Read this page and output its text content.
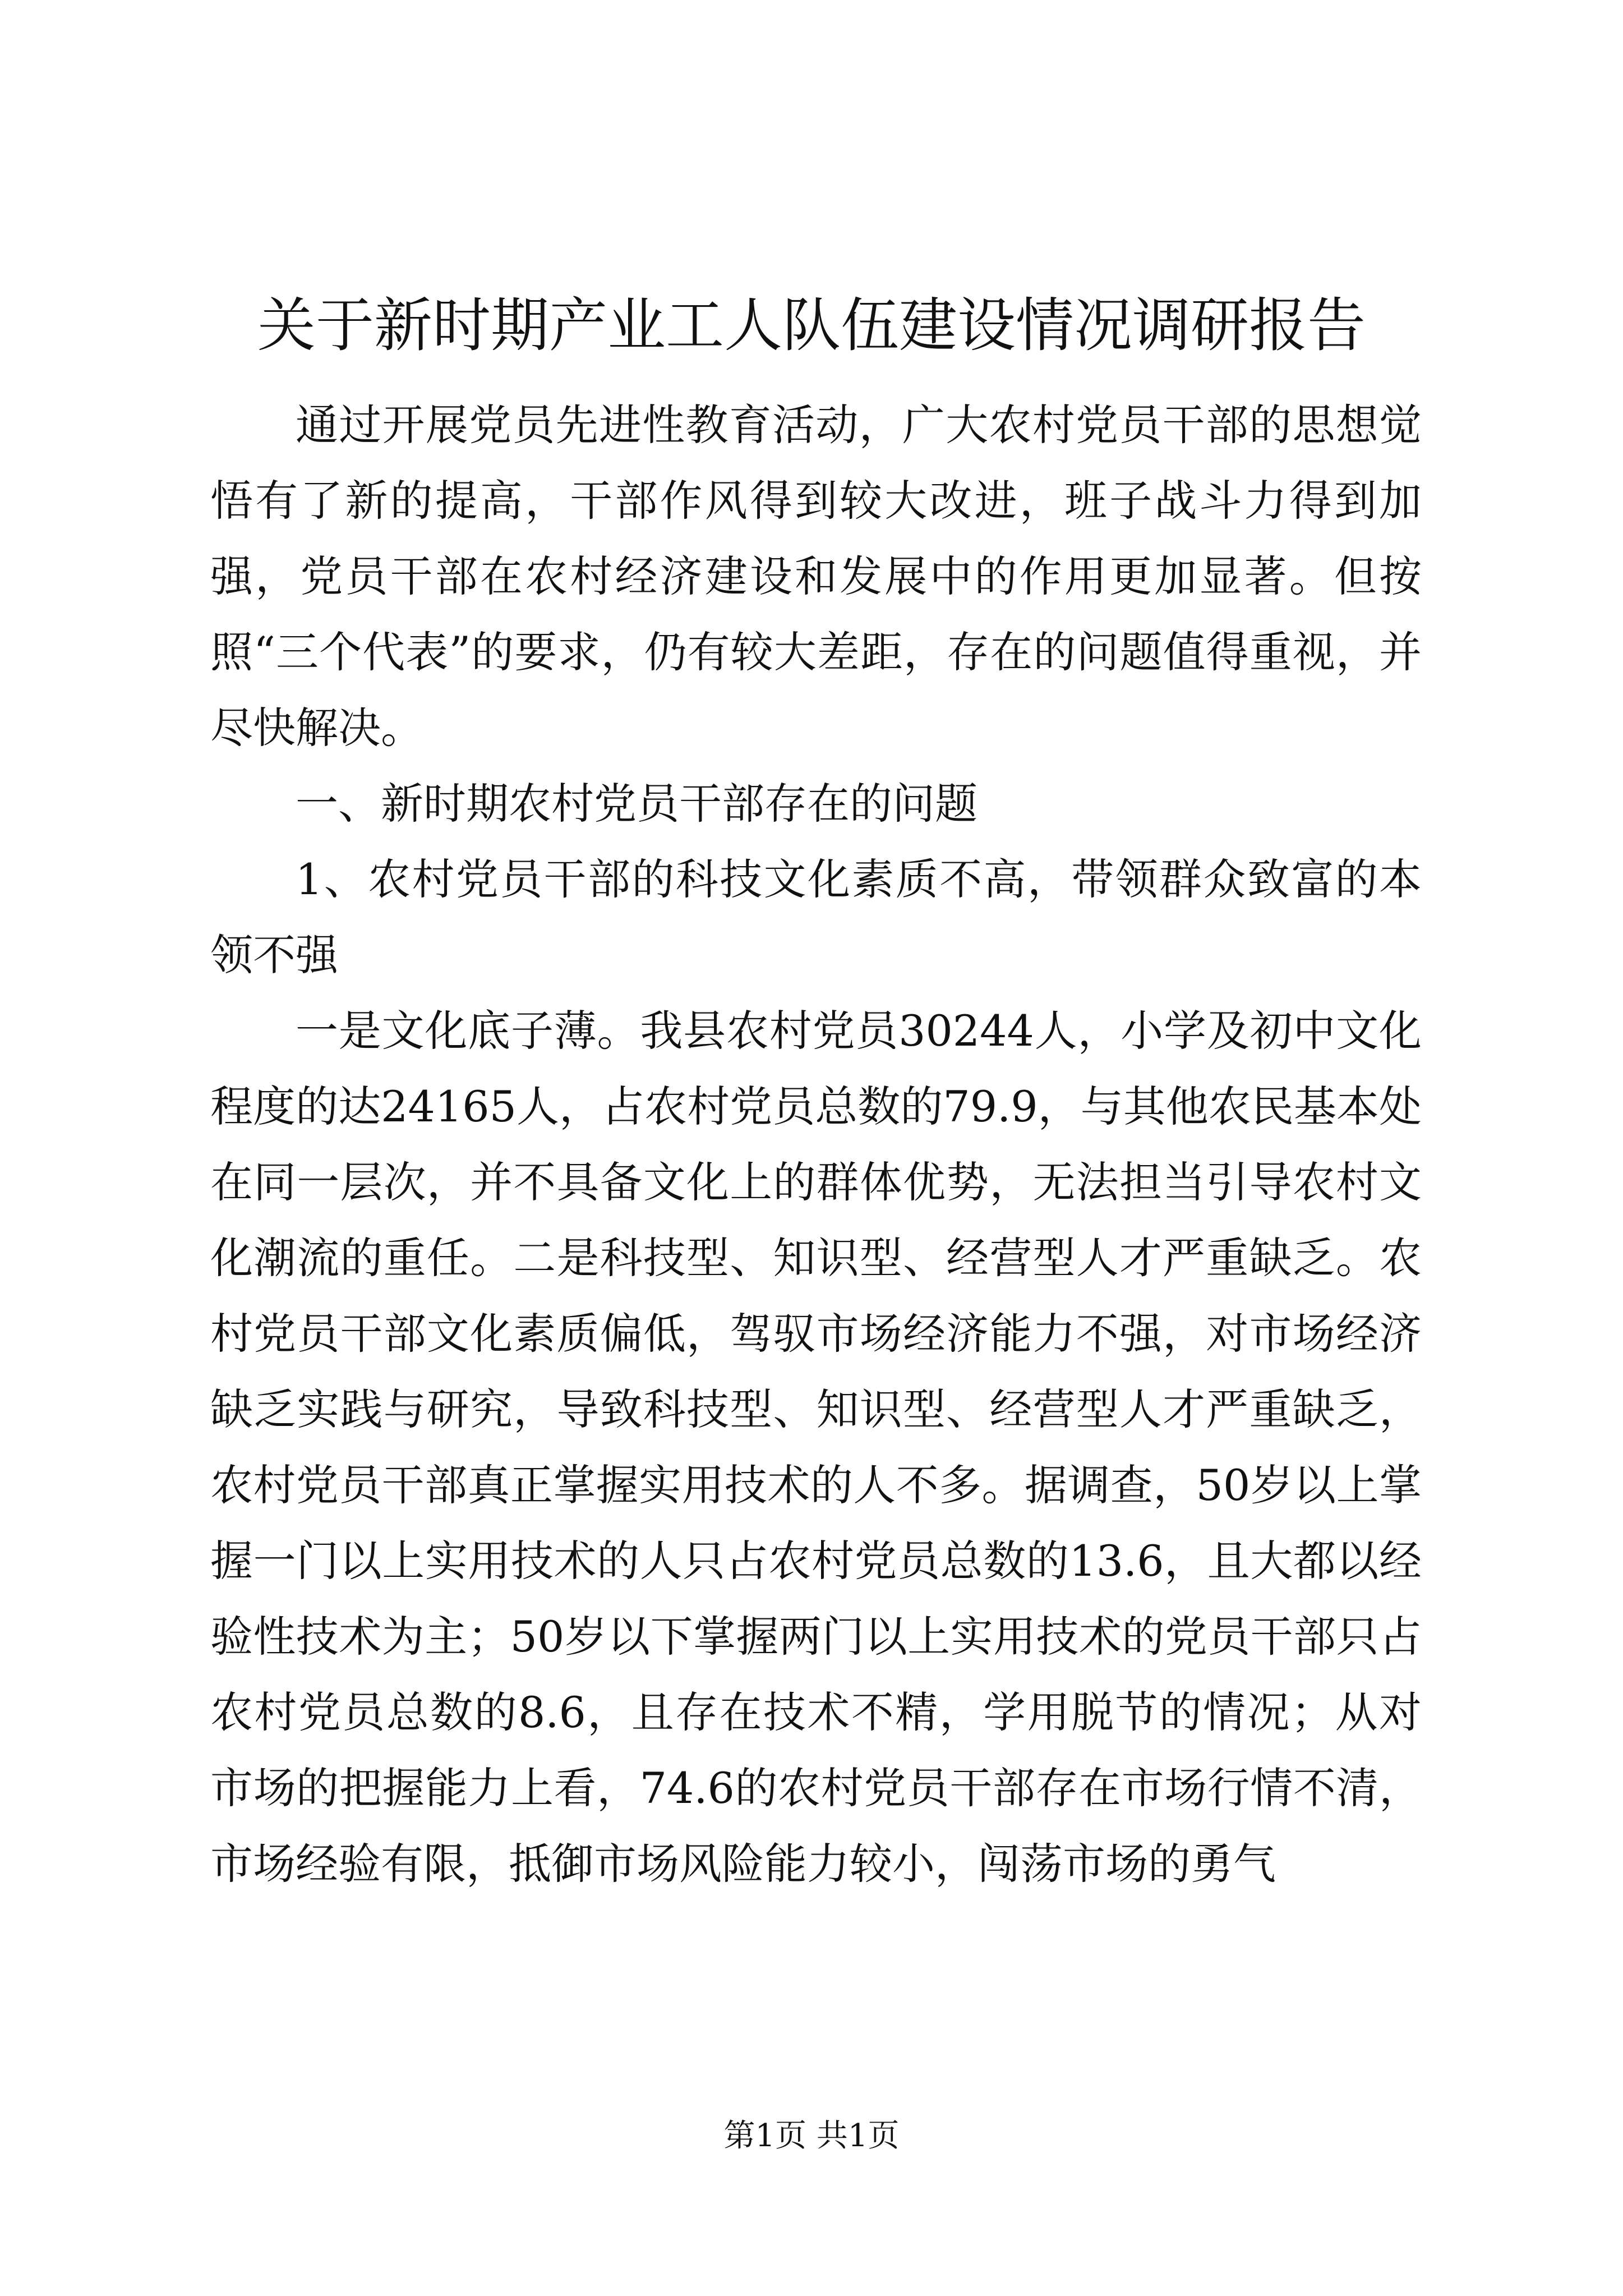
关于新时期产业工人队伍建设情况调研报告

通过开展党员先进性教育活动，广大农村党员干部的思想觉悟有了新的提高，干部作风得到较大改进，班子战斗力得到加强，党员干部在农村经济建设和发展中的作用更加显著。但按照“三个代表”的要求，仍有较大差距，存在的问题值得重视，并尽快解决。

一、新时期农村党员干部存在的问题

1、农村党员干部的科技文化素质不高，带领群众致富的本领不强

一是文化底子薄。我县农村党员30244人，小学及初中文化程度的达24165人，占农村党员总数的79.9，与其他农民基本处在同一层次，并不具备文化上的群体优势，无法担当引导农村文化潮流的重任。二是科技型、知识型、经营型人才严重缺乏。农村党员干部文化素质偏低，驾驭市场经济能力不强，对市场经济缺乏实践与研究，导致科技型、知识型、经营型人才严重缺乏，农村党员干部真正掌握实用技术的人不多。据调查，50岁以上掌握一门以上实用技术的人只占农村党员总数的13.6，且大都以经验性技术为主；50岁以下掌握两门以上实用技术的党员干部只占农村党员总数的8.6，且存在技术不精，学用脱节的情况；从对市场的把握能力上看，74.6的农村党员干部存在市场行情不清，市场经验有限，抵御市场风险能力较小，闯荡市场的勇气

第1页 共1页
